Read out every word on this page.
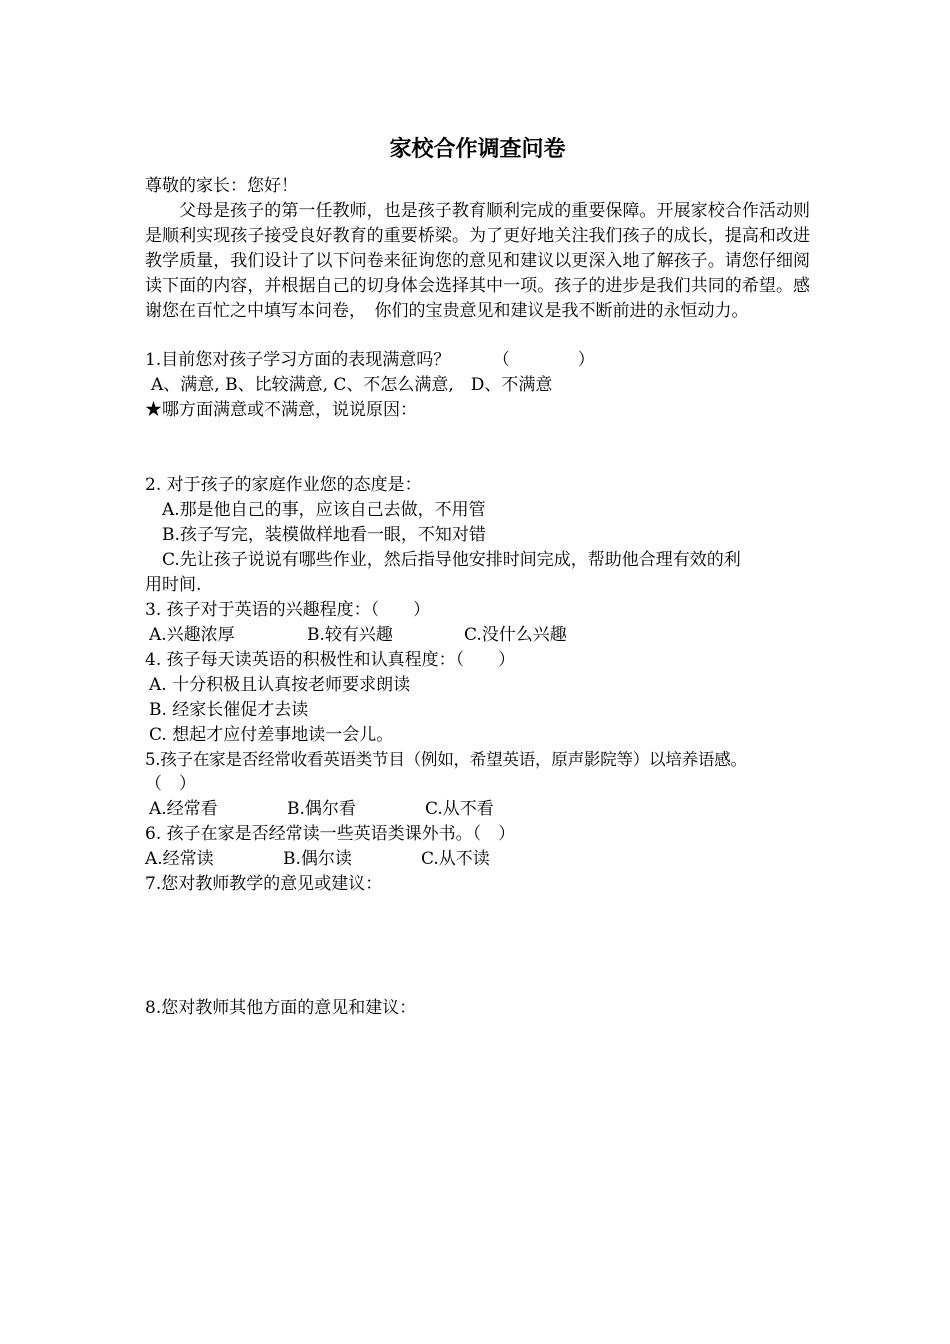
家校合作调查问卷
尊敬的家长：您好！
父母是孩子的第一任教师，也是孩子教育顺利完成的重要保障。开展家校合作活动则是顺利实现孩子接受良好教育的重要桥梁。为了更好地关注我们孩子的成长，提高和改进教学质量，我们设计了以下问卷来征询您的意见和建议以更深入地了解孩子。请您仔细阅读下面的内容，并根据自己的切身体会选择其中一项。孩子的进步是我们共同的希望。感谢您在百忙之中填写本问卷，　你们的宝贵意见和建议是我不断前进的永恒动力。
1.目前您对孩子学习方面的表现满意吗？　　　（　　　　）
A、满意, B、比较满意, C、不怎么满意,　D、不满意
★哪方面满意或不满意，说说原因：
2. 对于孩子的家庭作业您的态度是：
A.那是他自己的事，应该自己去做，不用管
B.孩子写完，装模做样地看一眼，不知对错
C.先让孩子说说有哪些作业，然后指导他安排时间完成，帮助他合理有效的利
用时间.
3. 孩子对于英语的兴趣程度：（　　）
A.兴趣浓厚	B.较有兴趣	C.没什么兴趣
4. 孩子每天读英语的积极性和认真程度：（　　）
A. 十分积极且认真按老师要求朗读
B. 经家长催促才去读
C. 想起才应付差事地读一会儿。
5.孩子在家是否经常收看英语类节目（例如，希望英语，原声影院等）以培养语感。
（　）
A.经常看	B.偶尔看	C.从不看
6. 孩子在家是否经常读一些英语类课外书。（　）
A.经常读	B.偶尔读	C.从不读
7.您对教师教学的意见或建议：
8.您对教师其他方面的意见和建议：
